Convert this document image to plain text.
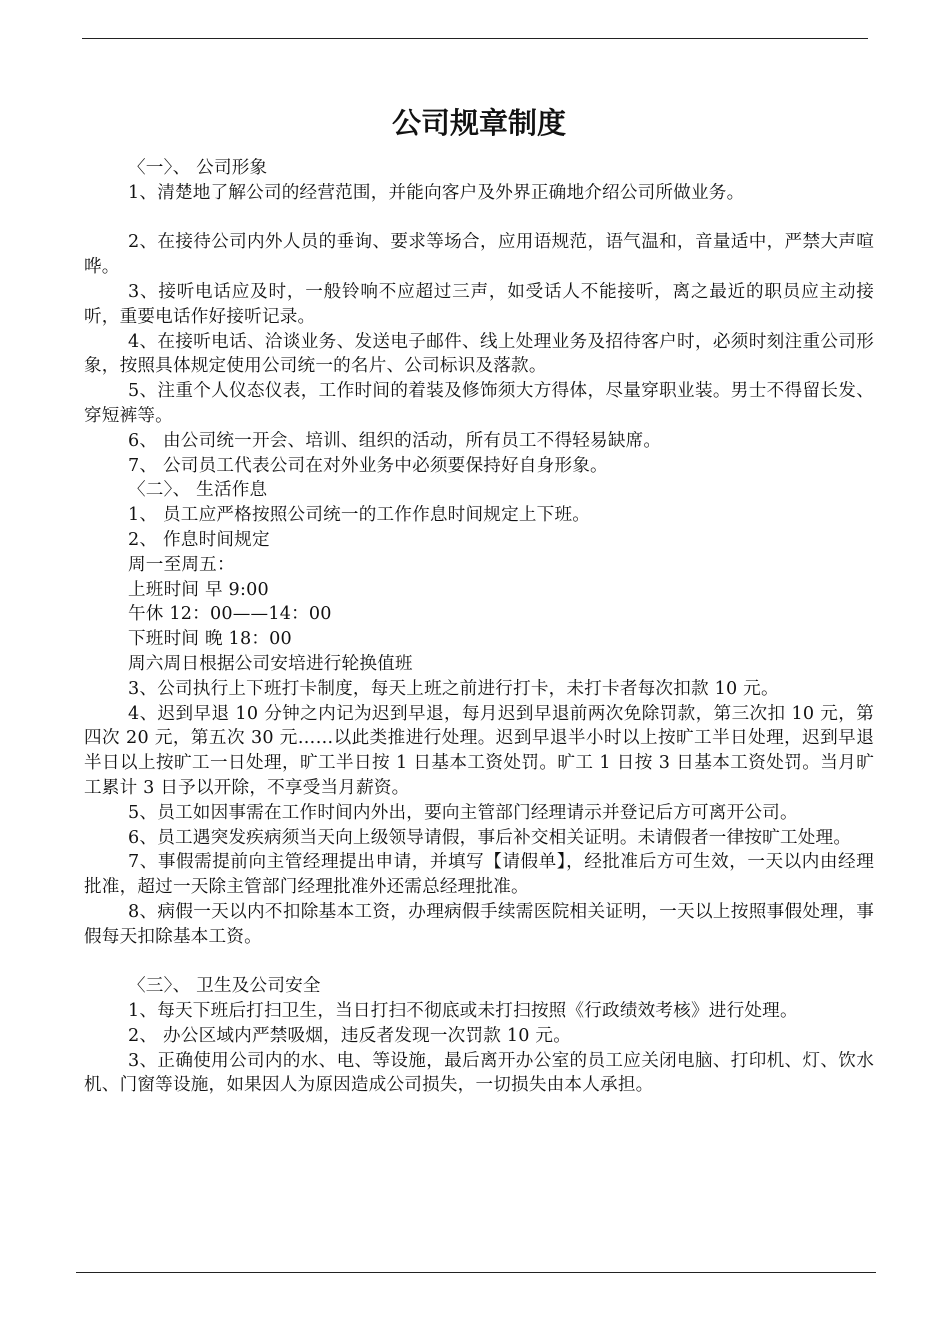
公司规章制度

〈一〉、 公司形象

1、清楚地了解公司的经营范围，并能向客户及外界正确地介绍公司所做业务。

2、在接待公司内外人员的垂询、要求等场合，应用语规范，语气温和，音量适中，严禁大声喧哗。

3、接听电话应及时，一般铃响不应超过三声，如受话人不能接听，离之最近的职员应主动接听，重要电话作好接听记录。

4、在接听电话、洽谈业务、发送电子邮件、线上处理业务及招待客户时，必须时刻注重公司形象，按照具体规定使用公司统一的名片、公司标识及落款。

5、注重个人仪态仪表，工作时间的着装及修饰须大方得体，尽量穿职业装。男士不得留长发、穿短裤等。

6、 由公司统一开会、培训、组织的活动，所有员工不得轻易缺席。

7、 公司员工代表公司在对外业务中必须要保持好自身形象。

〈二〉、 生活作息

1、 员工应严格按照公司统一的工作作息时间规定上下班。

2、 作息时间规定

周一至周五：

上班时间 早 9:00

午休 12：00——14：00

下班时间 晚 18：00

周六周日根据公司安培进行轮换值班

3、公司执行上下班打卡制度，每天上班之前进行打卡，未打卡者每次扣款 10 元。

4、迟到早退 10 分钟之内记为迟到早退，每月迟到早退前两次免除罚款，第三次扣 10 元，第四次 20 元，第五次 30 元……以此类推进行处理。迟到早退半小时以上按旷工半日处理，迟到早退半日以上按旷工一日处理，旷工半日按 1 日基本工资处罚。旷工 1 日按 3 日基本工资处罚。当月旷工累计 3 日予以开除，不享受当月薪资。

5、员工如因事需在工作时间内外出，要向主管部门经理请示并登记后方可离开公司。

6、员工遇突发疾病须当天向上级领导请假，事后补交相关证明。未请假者一律按旷工处理。

7、事假需提前向主管经理提出申请，并填写【请假单】，经批准后方可生效，一天以内由经理批准，超过一天除主管部门经理批准外还需总经理批准。

8、病假一天以内不扣除基本工资，办理病假手续需医院相关证明，一天以上按照事假处理，事假每天扣除基本工资。

〈三〉、 卫生及公司安全

1、每天下班后打扫卫生，当日打扫不彻底或未打扫按照《行政绩效考核》进行处理。

2、 办公区域内严禁吸烟，违反者发现一次罚款 10 元。

3、正确使用公司内的水、电、等设施，最后离开办公室的员工应关闭电脑、打印机、灯、饮水机、门窗等设施，如果因人为原因造成公司损失，一切损失由本人承担。
